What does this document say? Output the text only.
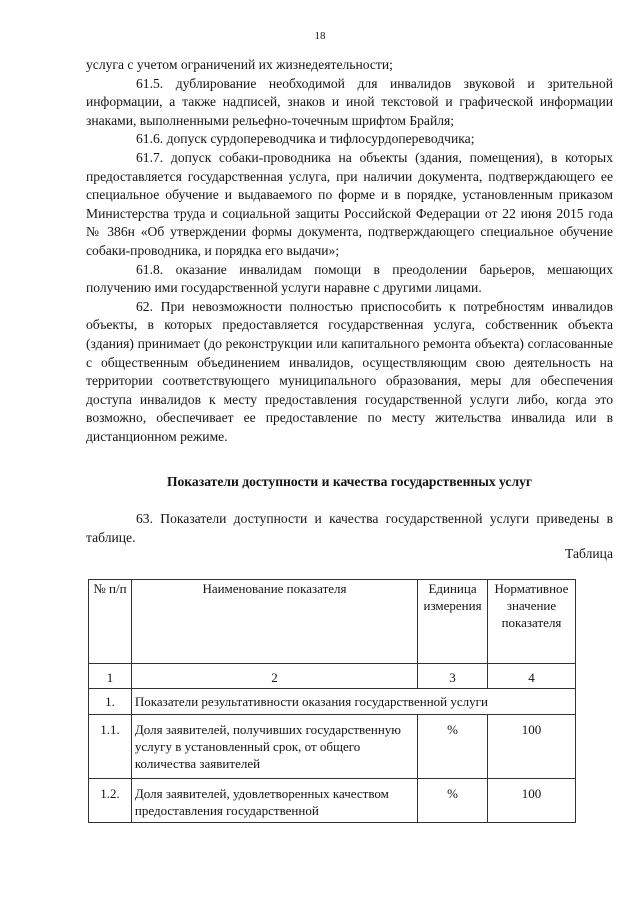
18

услуга с учетом ограничений их жизнедеятельности;

61.5. дублирование необходимой для инвалидов звуковой и зрительной информации, а также надписей, знаков и иной текстовой и графической информации знаками, выполненными рельефно-точечным шрифтом Брайля;

61.6. допуск сурдопереводчика и тифлосурдопереводчика;

61.7. допуск собаки-проводника на объекты (здания, помещения), в которых предоставляется государственная услуга, при наличии документа, подтверждающего ее специальное обучение и выдаваемого по форме и в порядке, установленным приказом Министерства труда и социальной защиты Российской Федерации от 22 июня 2015 года № 386н «Об утверждении формы документа, подтверждающего специальное обучение собаки-проводника, и порядка его выдачи»;

61.8. оказание инвалидам помощи в преодолении барьеров, мешающих получению ими государственной услуги наравне с другими лицами.

62. При невозможности полностью приспособить к потребностям инвалидов объекты, в которых предоставляется государственная услуга, собственник объекта (здания) принимает (до реконструкции или капитального ремонта объекта) согласованные с общественным объединением инвалидов, осуществляющим свою деятельность на территории соответствующего муниципального образования, меры для обеспечения доступа инвалидов к месту предоставления государственной услуги либо, когда это возможно, обеспечивает ее предоставление по месту жительства инвалида или в дистанционном режиме.

Показатели доступности и качества государственных услуг

63. Показатели доступности и качества государственной услуги приведены в таблице.

Таблица
№ п/п	Наименование показателя	Единица измерения	Нормативное значение показателя
1	2	3	4
1.	Показатели результативности оказания государственной услуги		
1.1.	Доля заявителей, получивших государственную услугу в установленный срок, от общего количества заявителей	%	100
1.2.	Доля заявителей, удовлетворенных качеством предоставления государственной	%	100
